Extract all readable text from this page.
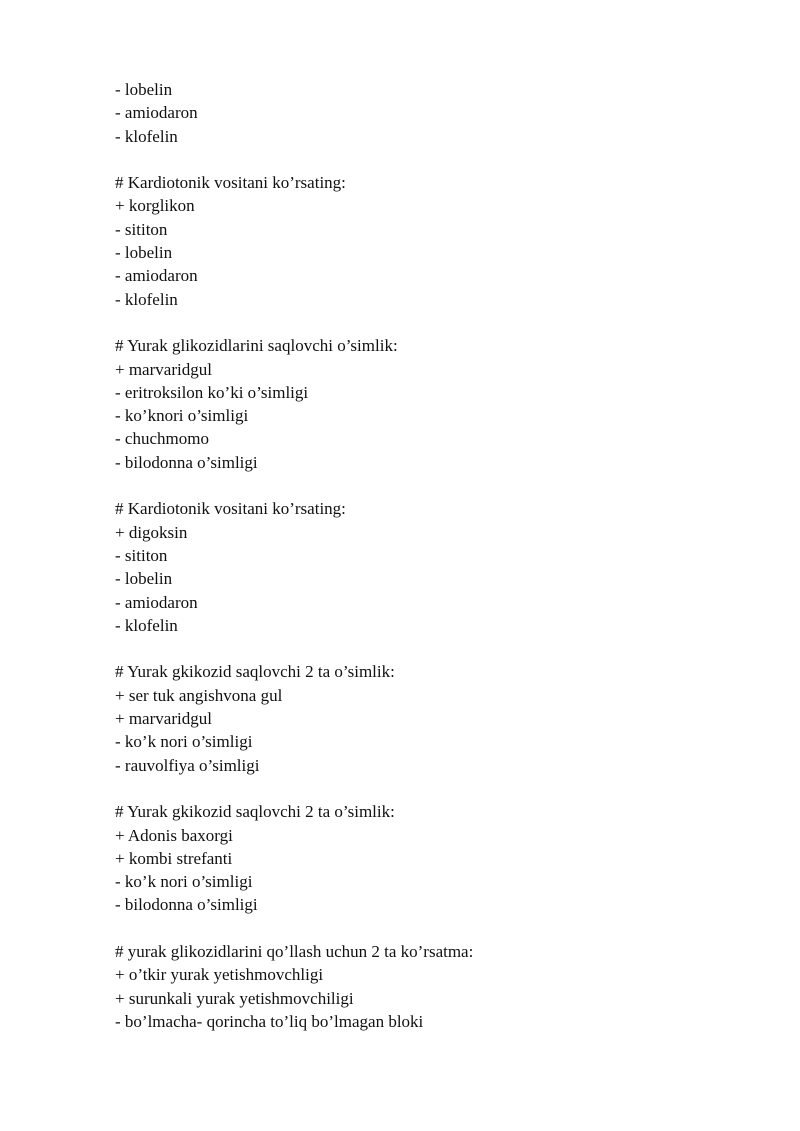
- lobelin
- amiodaron
- klofelin
# Kardiotonik vositani ko’rsating:
+ korglikon
- sititon
- lobelin
- amiodaron
- klofelin
# Yurak glikozidlarini saqlovchi o’simlik:
+ marvaridgul
- eritroksilon ko’ki o’simligi
- ko’knori o’simligi
- chuchmomo
- bilodonna o’simligi
# Kardiotonik vositani ko’rsating:
+ digoksin
- sititon
- lobelin
- amiodaron
- klofelin
# Yurak gkikozid saqlovchi 2 ta o’simlik:
+ ser tuk angishvona gul
+ marvaridgul
- ko’k nori o’simligi
- rauvolfiya o’simligi
# Yurak gkikozid saqlovchi 2 ta o’simlik:
+ Adonis baxorgi
+ kombi strefanti
- ko’k nori o’simligi
- bilodonna o’simligi
# yurak glikozidlarini qo’llash uchun 2 ta ko’rsatma:
+ o’tkir yurak yetishmovchligi
+ surunkali yurak yetishmovchiligi
- bo’lmacha- qorincha to’liq bo’lmagan bloki
